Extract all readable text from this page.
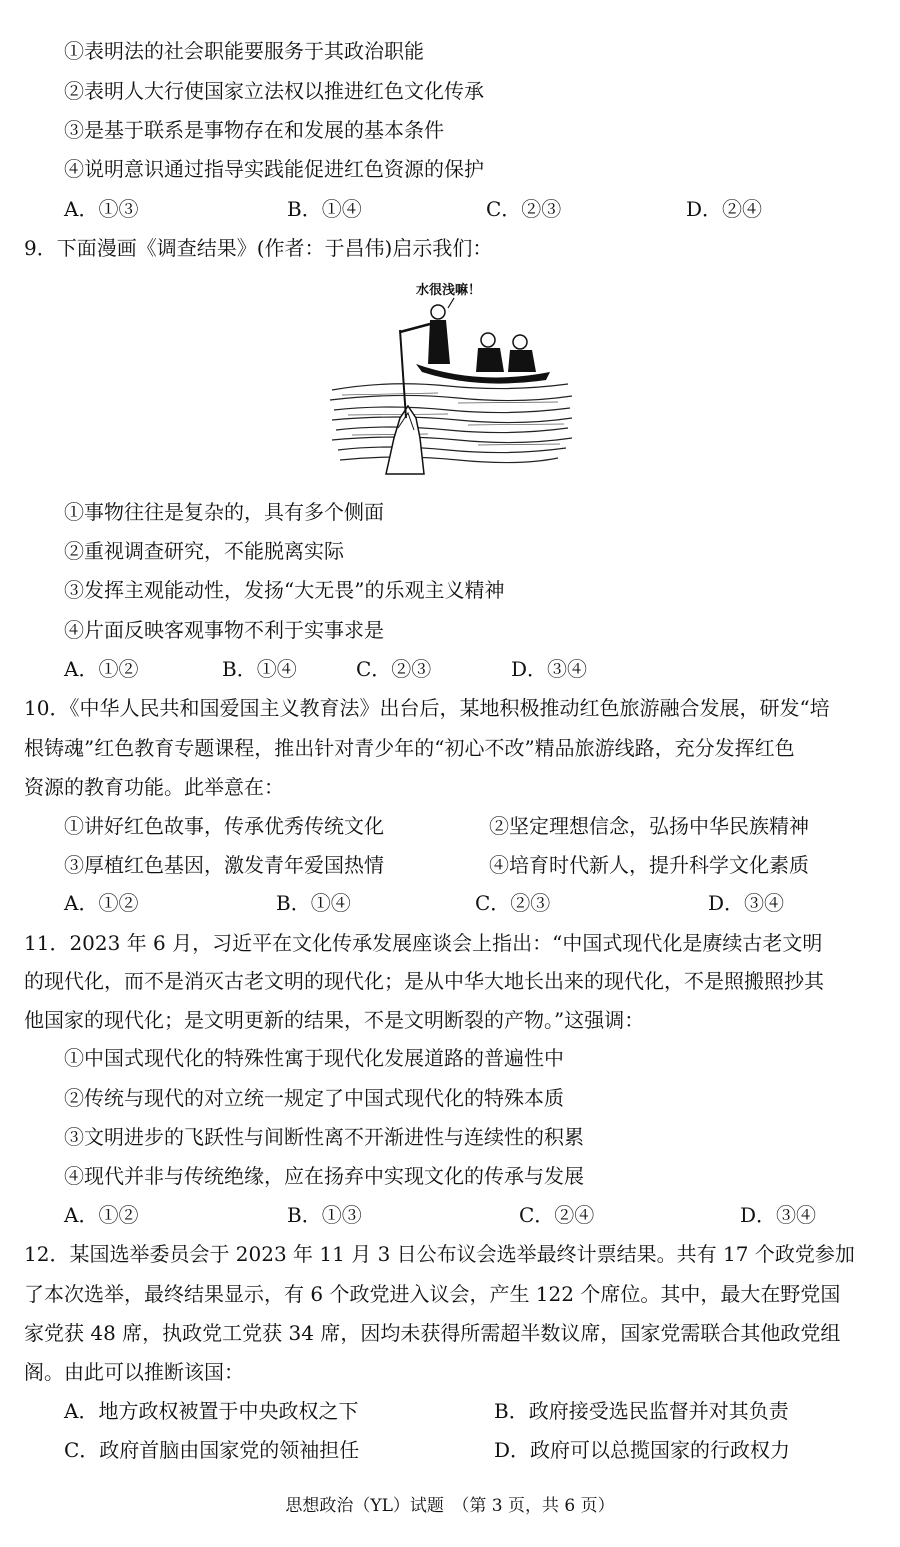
①表明法的社会职能要服务于其政治职能
②表明人大行使国家立法权以推进红色文化传承
③是基于联系是事物存在和发展的基本条件
④说明意识通过指导实践能促进红色资源的保护
A．①③	B．①④	C．②③	D．②④
9．下面漫画《调查结果》(作者：于昌伟)启示我们：
水很浅嘛！
①事物往往是复杂的，具有多个侧面
②重视调查研究，不能脱离实际
③发挥主观能动性，发扬“大无畏”的乐观主义精神
④片面反映客观事物不利于实事求是
A．①②	B．①④	C．②③	D．③④
10．《中华人民共和国爱国主义教育法》出台后，某地积极推动红色旅游融合发展，研发“培
根铸魂”红色教育专题课程，推出针对青少年的“初心不改”精品旅游线路，充分发挥红色
资源的教育功能。此举意在：
①讲好红色故事，传承优秀传统文化	②坚定理想信念，弘扬中华民族精神
③厚植红色基因，激发青年爱国热情	④培育时代新人，提升科学文化素质
A．①②	B．①④	C．②③	D．③④
11．2023 年 6 月，习近平在文化传承发展座谈会上指出：“中国式现代化是赓续古老文明
的现代化，而不是消灭古老文明的现代化；是从中华大地长出来的现代化，不是照搬照抄其
他国家的现代化；是文明更新的结果，不是文明断裂的产物。”这强调：
①中国式现代化的特殊性寓于现代化发展道路的普遍性中
②传统与现代的对立统一规定了中国式现代化的特殊本质
③文明进步的飞跃性与间断性离不开渐进性与连续性的积累
④现代并非与传统绝缘，应在扬弃中实现文化的传承与发展
A．①②	B．①③	C．②④	D．③④
12．某国选举委员会于 2023 年 11 月 3 日公布议会选举最终计票结果。共有 17 个政党参加
了本次选举，最终结果显示，有 6 个政党进入议会，产生 122 个席位。其中，最大在野党国
家党获 48 席，执政党工党获 34 席，因均未获得所需超半数议席，国家党需联合其他政党组
阁。由此可以推断该国：
A．地方政权被置于中央政权之下	B．政府接受选民监督并对其负责
C．政府首脑由国家党的领袖担任	D．政府可以总揽国家的行政权力
思想政治（YL）试题　（第 3 页，共 6 页）
